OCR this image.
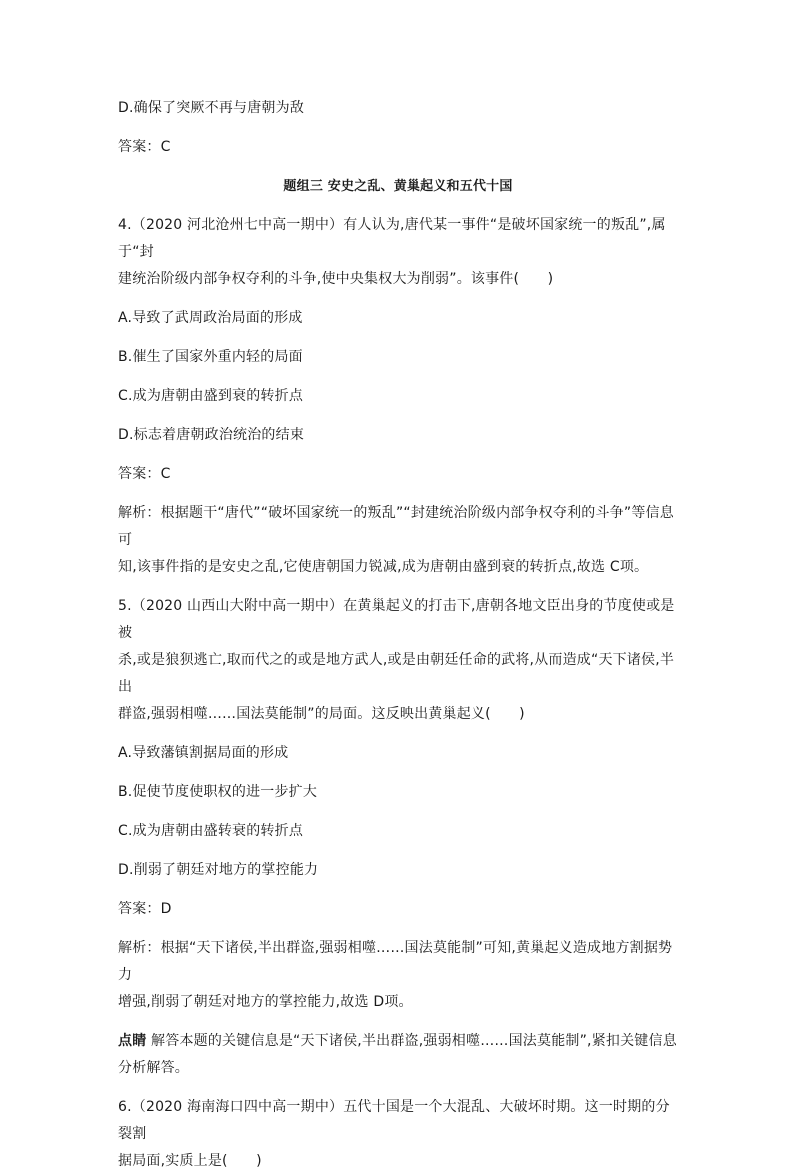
D.确保了突厥不再与唐朝为敌

答案：C

题组三 安史之乱、黄巢起义和五代十国

4.（2020 河北沧州七中高一期中）有人认为,唐代某一事件“是破坏国家统一的叛乱”,属于“封

建统治阶级内部争权夺利的斗争,使中央集权大为削弱”。该事件(　　)

A.导致了武周政治局面的形成

B.催生了国家外重内轻的局面

C.成为唐朝由盛到衰的转折点

D.标志着唐朝政治统治的结束

答案：C

解析：根据题干“唐代”“破坏国家统一的叛乱”“封建统治阶级内部争权夺利的斗争”等信息可

知,该事件指的是安史之乱,它使唐朝国力锐减,成为唐朝由盛到衰的转折点,故选 C项。

5.（2020 山西山大附中高一期中）在黄巢起义的打击下,唐朝各地文臣出身的节度使或是被

杀,或是狼狈逃亡,取而代之的或是地方武人,或是由朝廷任命的武将,从而造成“天下诸侯,半出

群盗,强弱相噬……国法莫能制”的局面。这反映出黄巢起义(　　)

A.导致藩镇割据局面的形成

B.促使节度使职权的进一步扩大

C.成为唐朝由盛转衰的转折点

D.削弱了朝廷对地方的掌控能力

答案：D

解析：根据“天下诸侯,半出群盗,强弱相噬……国法莫能制”可知,黄巢起义造成地方割据势力

增强,削弱了朝廷对地方的掌控能力,故选 D项。

点睛 解答本题的关键信息是“天下诸侯,半出群盗,强弱相噬……国法莫能制”,紧扣关键信息

分析解答。

6.（2020 海南海口四中高一期中）五代十国是一个大混乱、大破坏时期。这一时期的分裂割

据局面,实质上是(　　)
